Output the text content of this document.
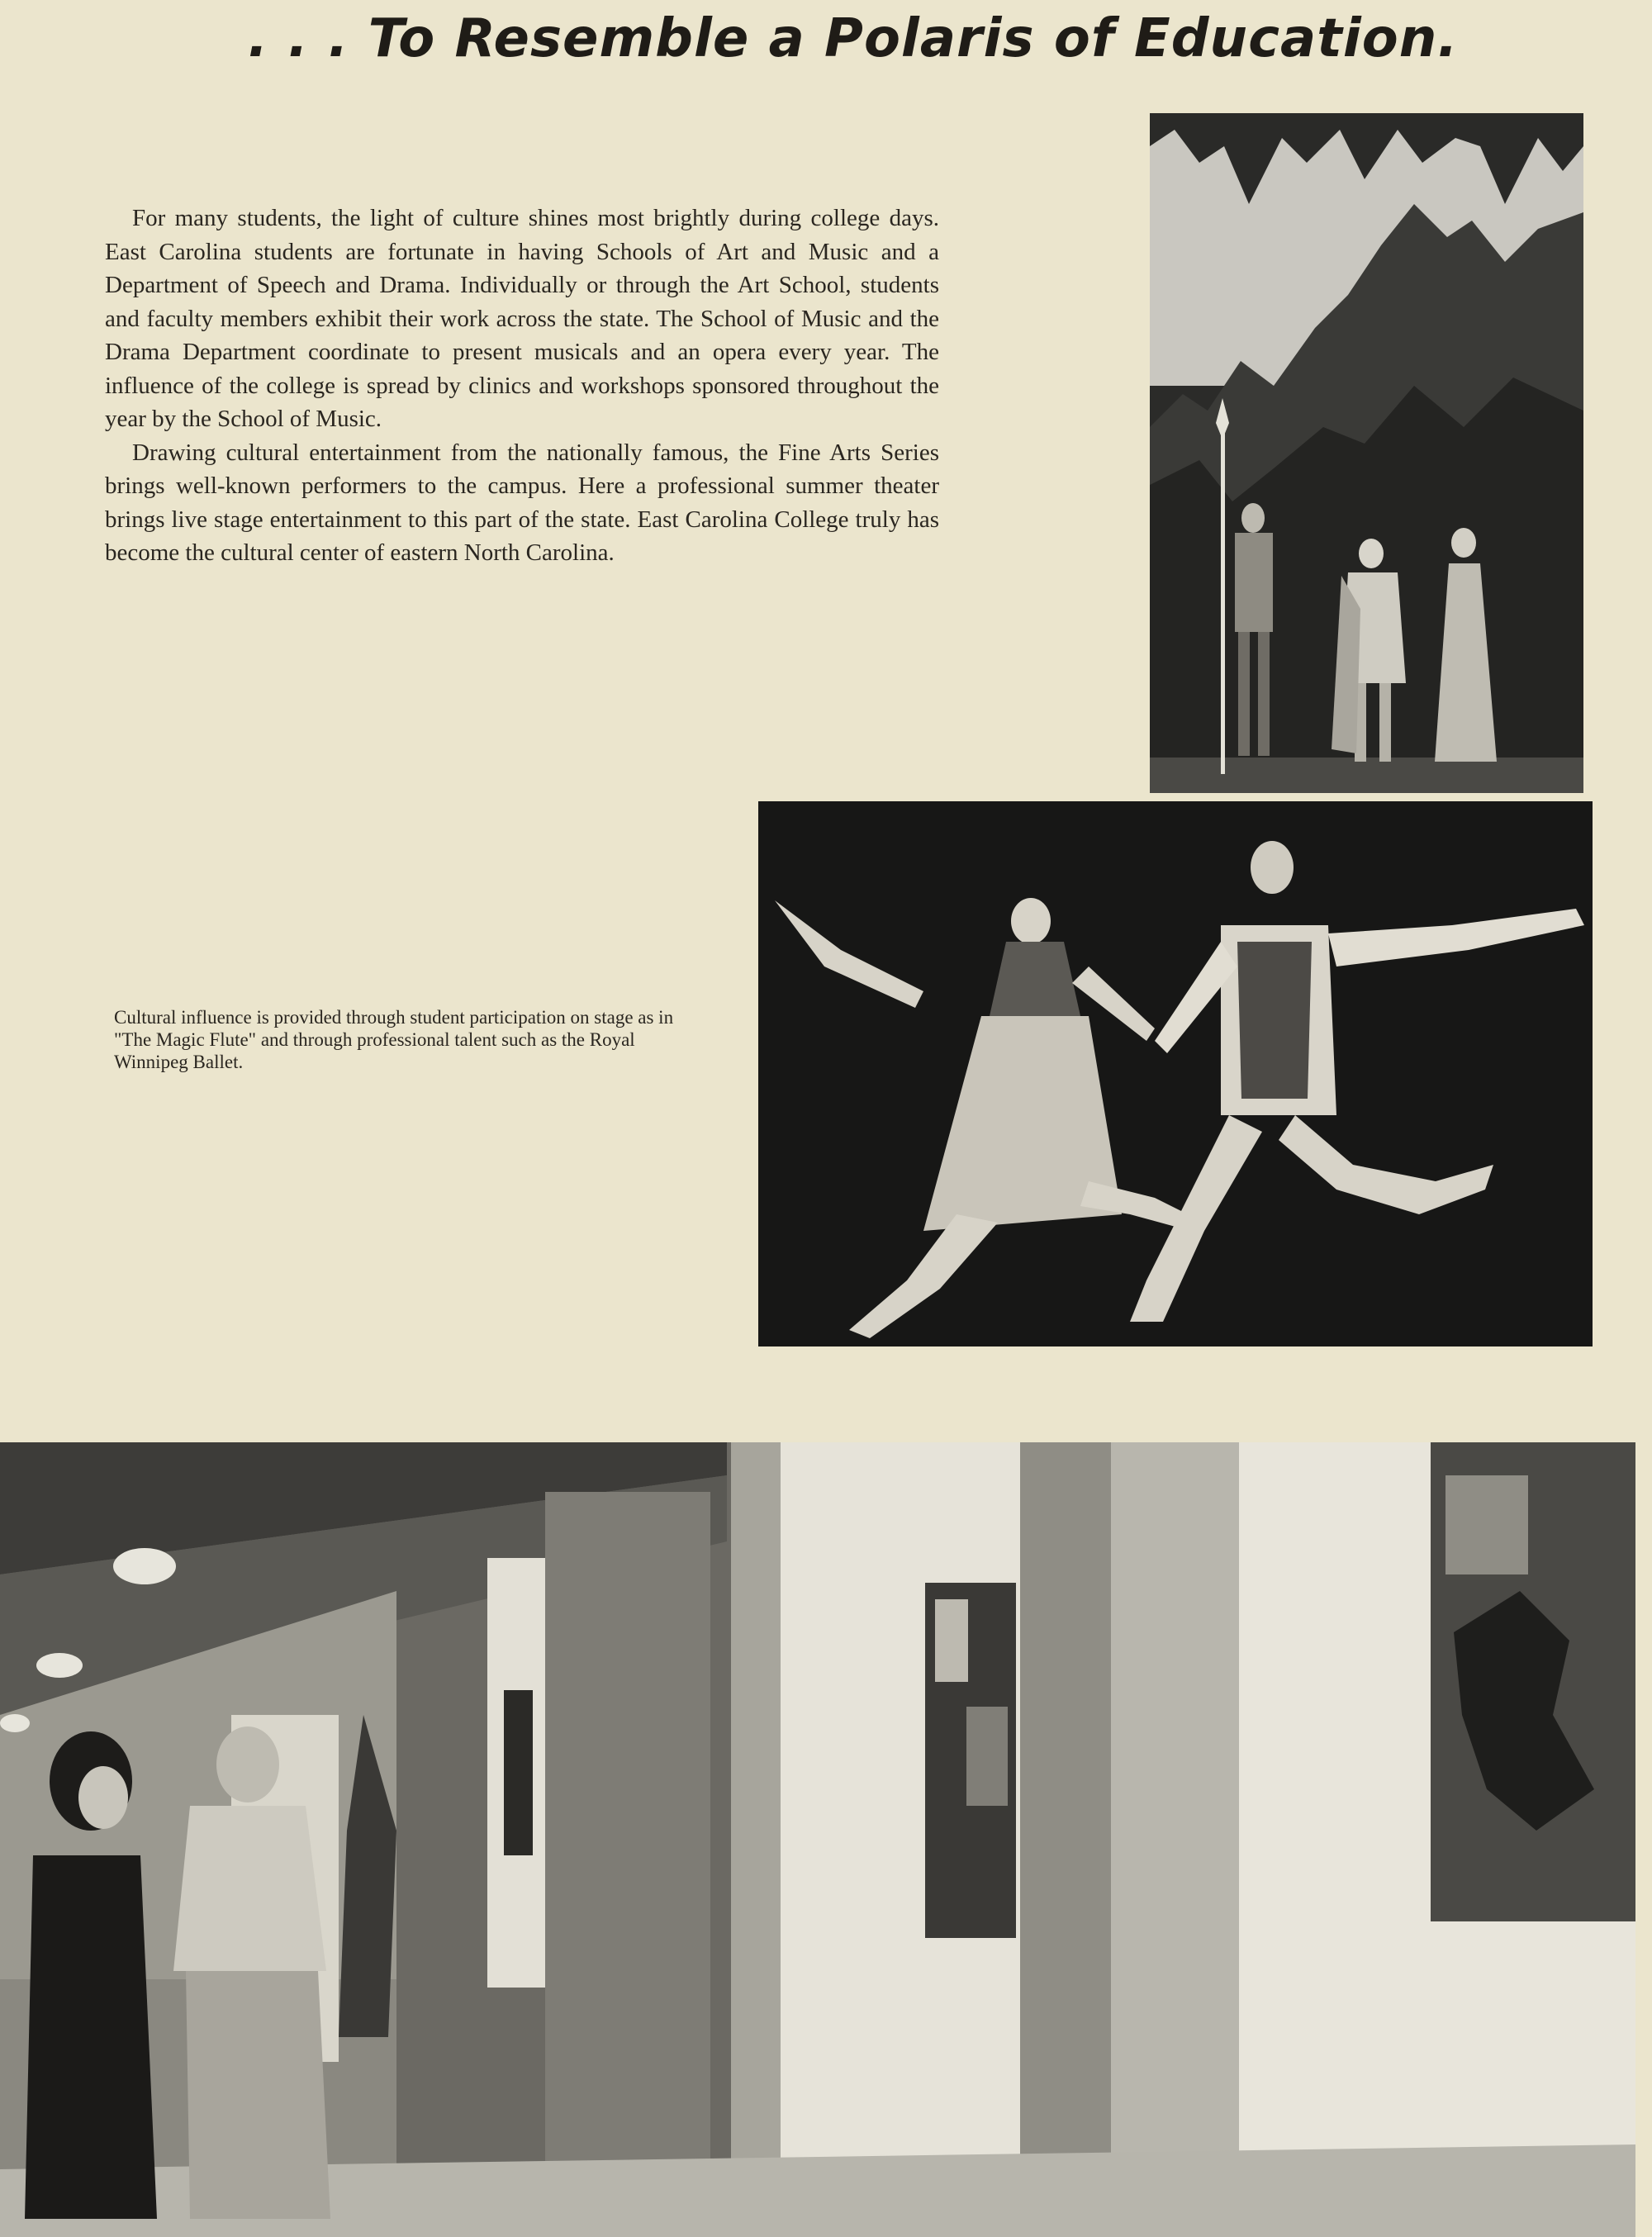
. . . To Resemble a Polaris of Education.

For many students, the light of culture shines most brightly during college days. East Carolina students are fortunate in having Schools of Art and Music and a Department of Speech and Drama. Individually or through the Art School, students and faculty members exhibit their work across the state. The School of Music and the Drama Department coordinate to present musicals and an opera every year. The influence of the college is spread by clinics and workshops sponsored throughout the year by the School of Music.

Drawing cultural entertainment from the nationally famous, the Fine Arts Series brings well-known performers to the campus. Here a professional summer theater brings live stage entertainment to this part of the state. East Carolina College truly has become the cultural center of eastern North Carolina.

Cultural influence is provided through student participation on stage as in "The Magic Flute" and through professional talent such as the Royal Winnipeg Ballet.
